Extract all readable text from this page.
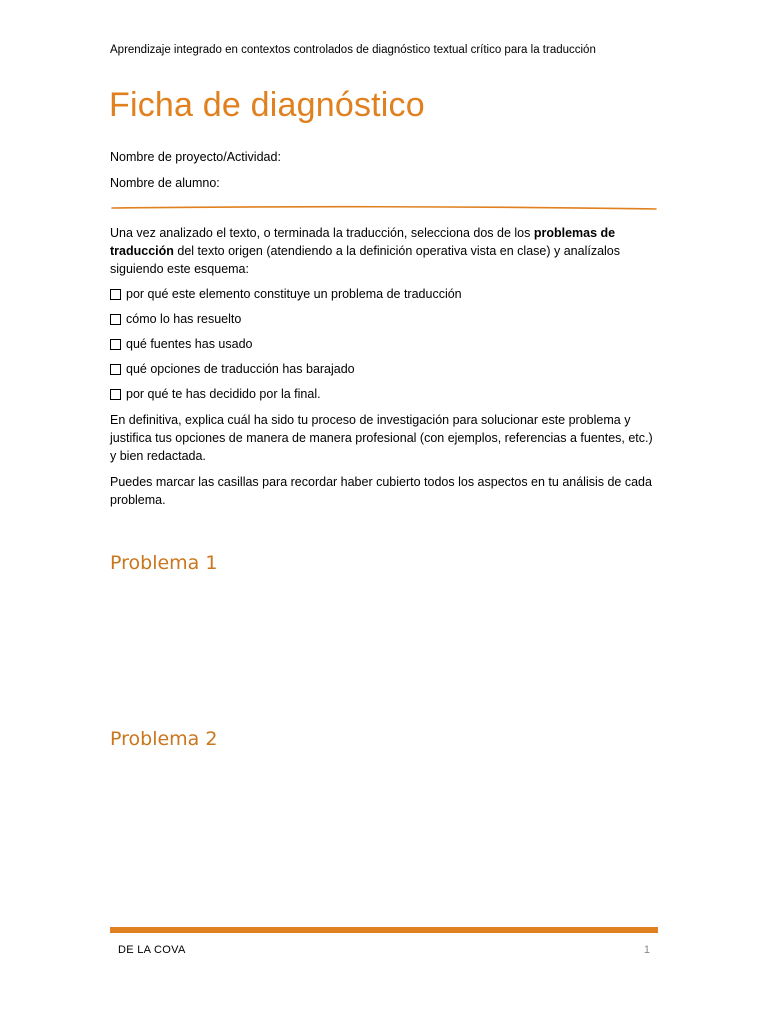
Aprendizaje integrado en contextos controlados de diagnóstico textual crítico para la traducción
Ficha de diagnóstico
Nombre de proyecto/Actividad:
Nombre de alumno:

Una vez analizado el texto, o terminada la traducción, selecciona dos de los problemas de traducción del texto origen (atendiendo a la definición operativa vista en clase) y analízalos siguiendo este esquema:

por qué este elemento constituye un problema de traducción
cómo lo has resuelto
qué fuentes has usado
qué opciones de traducción has barajado
por qué te has decidido por la final.

En definitiva, explica cuál ha sido tu proceso de investigación para solucionar este problema y justifica tus opciones de manera de manera profesional (con ejemplos, referencias a fuentes, etc.) y bien redactada.

Puedes marcar las casillas para recordar haber cubierto todos los aspectos en tu análisis de cada problema.

Problema 1
Problema 2
DE LA COVA	1
